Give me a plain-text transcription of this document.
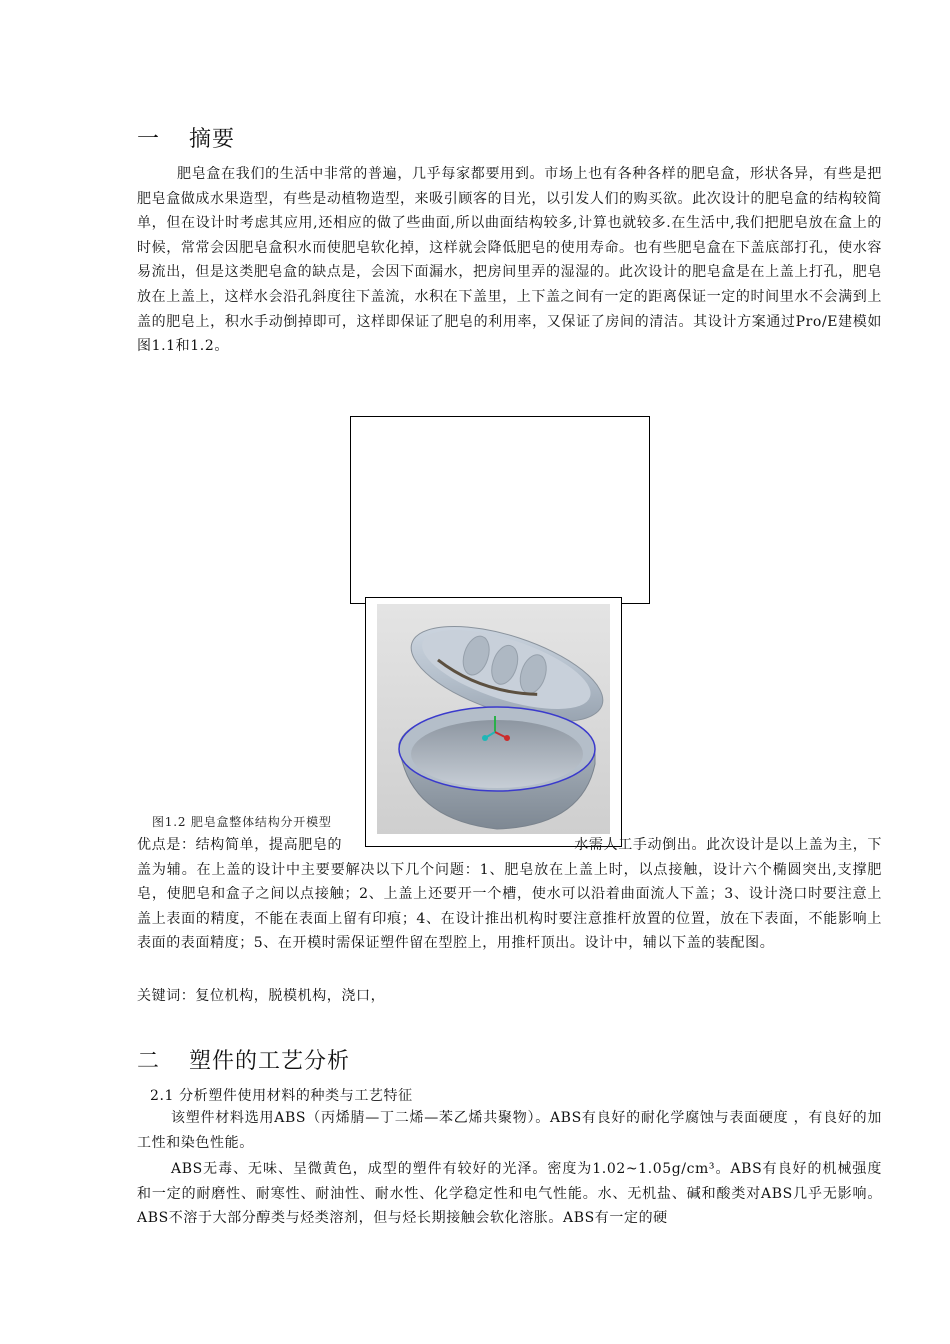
一 摘要
肥皂盒在我们的生活中非常的普遍，几乎每家都要用到。市场上也有各种各样的肥皂盒，形状各异，有些是把肥皂盒做成水果造型，有些是动植物造型，来吸引顾客的目光，以引发人们的购买欲。此次设计的肥皂盒的结构较简单，但在设计时考虑其应用,还相应的做了些曲面,所以曲面结构较多,计算也就较多.在生活中,我们把肥皂放在盒上的时候，常常会因肥皂盒积水而使肥皂软化掉，这样就会降低肥皂的使用寿命。也有些肥皂盒在下盖底部打孔，使水容易流出，但是这类肥皂盒的缺点是，会因下面漏水，把房间里弄的湿湿的。此次设计的肥皂盒是在上盖上打孔，肥皂放在上盖上，这样水会沿孔斜度往下盖流，水积在下盖里，上下盖之间有一定的距离保证一定的时间里水不会满到上盖的肥皂上，积水手动倒掉即可，这样即保证了肥皂的利用率，又保证了房间的清洁。其设计方案通过Pro/E建模如图1.1和1.2。
图1.2 肥皂盒整体结构分开模型
优点是：结构简单，提高肥皂的	水需人工手动倒出。此次设计是以上盖为主，下盖为辅。在上盖的设计中主要要解决以下几个问题：1、肥皂放在上盖上时，以点接触，设计六个椭圆突出,支撑肥皂，使肥皂和盒子之间以点接触；2、上盖上还要开一个槽，使水可以沿着曲面流人下盖；3、设计浇口时要注意上盖上表面的精度，不能在表面上留有印痕；4、在设计推出机构时要注意推杆放置的位置，放在下表面，不能影响上表面的表面精度；5、在开模时需保证塑件留在型腔上，用推杆顶出。设计中，辅以下盖的装配图。
关键词：复位机构，脱模机构，浇口，
二 塑件的工艺分析
2.1 分析塑件使用材料的种类与工艺特征
该塑件材料选用ABS（丙烯腈—丁二烯—苯乙烯共聚物）。ABS有良好的耐化学腐蚀与表面硬度 ，有良好的加工性和染色性能。
ABS无毒、无味、呈微黄色，成型的塑件有较好的光泽。密度为1.02~1.05g/cm³。ABS有良好的机械强度和一定的耐磨性、耐寒性、耐油性、耐水性、化学稳定性和电气性能。水、无机盐、碱和酸类对ABS几乎无影响。ABS不溶于大部分醇类与烃类溶剂，但与烃长期接触会软化溶胀。ABS有一定的硬
